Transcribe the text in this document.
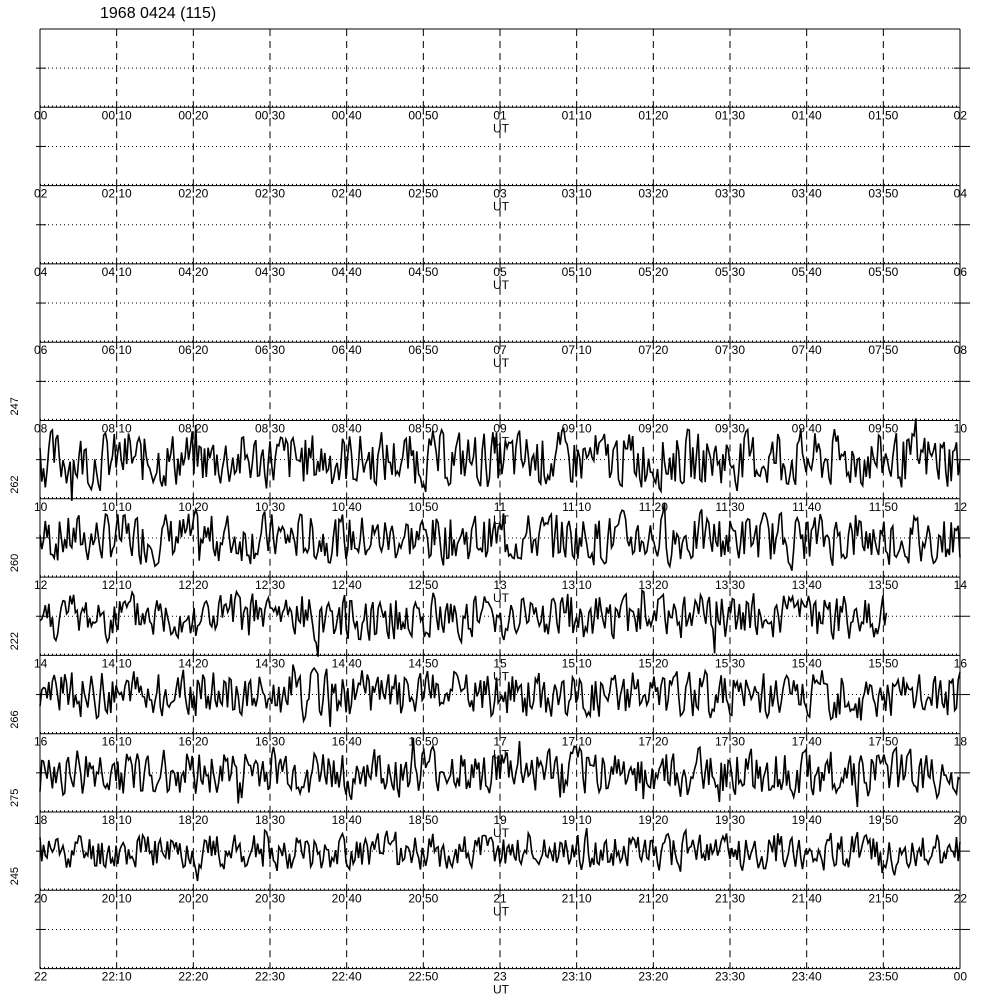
1968 0424 (115)
00	00:10	00:20	00:30	00:40	00:50	01	01:10	01:20	01:30	01:40	01:50	02
UT
02	02:10	02:20	02:30	02:40	02:50	03	03:10	03:20	03:30	03:40	03:50	04
UT
04	04:10	04:20	04:30	04:40	04:50	05	05:10	05:20	05:30	05:40	05:50	06
UT
06	06:10	06:20	06:30	06:40	06:50	07	07:10	07:20	07:30	07:40	07:50	08
UT
08	08:10	08:20	08:30	08:40	08:50	09	09:10	09:20	09:30	09:40	09:50	10
UT
247
10	10:10	10:20	10:30	10:40	10:50	11	11:10	11:20	11:30	11:40	11:50	12
UT
262
12	12:10	12:20	12:30	12:40	12:50	13	13:10	13:20	13:30	13:40	13:50	14
UT
260
14	14:10	14:20	14:30	14:40	14:50	15	15:10	15:20	15:30	15:40	15:50	16
UT
222
16	16:10	16:20	16:30	16:40	16:50	17	17:10	17:20	17:30	17:40	17:50	18
UT
266
18	18:10	18:20	18:30	18:40	18:50	19	19:10	19:20	19:30	19:40	19:50	20
UT
275
20	20:10	20:20	20:30	20:40	20:50	21	21:10	21:20	21:30	21:40	21:50	22
UT
245
22	22:10	22:20	22:30	22:40	22:50	23	23:10	23:20	23:30	23:40	23:50	00
UT
